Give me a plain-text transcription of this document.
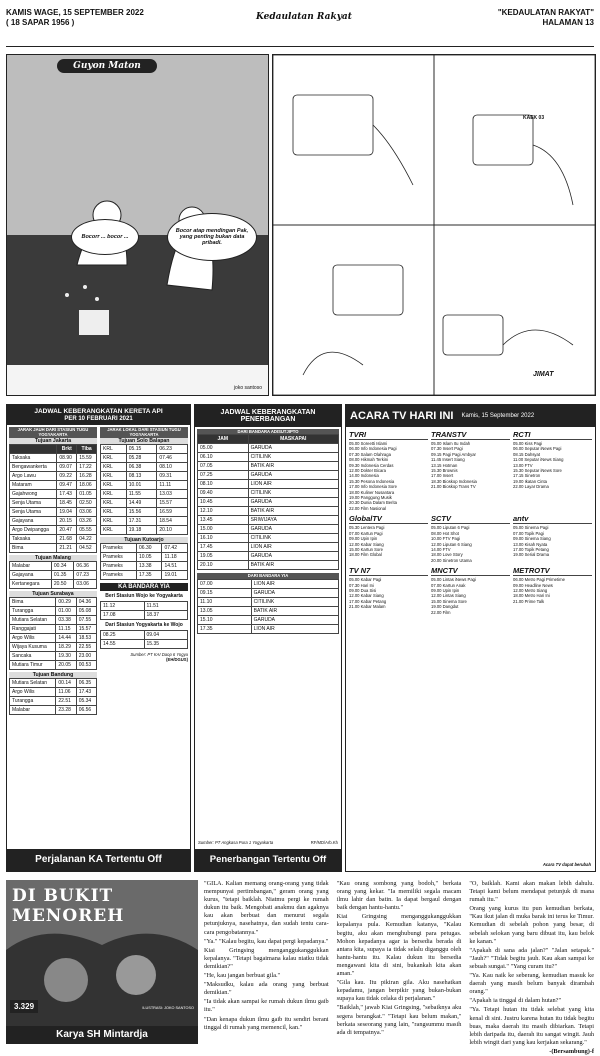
KAMIS WAGE, 15 SEPTEMBER 2022
( 18 SAPAR 1956 )
Kedaulatan Rakyat	"KEDAULATAN RAKYAT"
HALAMAN 13
Guyon Maton
Bocorr ... bocor ...
Bocor atap mendingan Pak, yang penting bukan data pribadi.
joko santoso
KAEK 03
JIMAT
JADWAL KEBERANGKATAN KERETA API
PER 10 FEBRUARI 2021
JARAK JAUH DARI STASIUN TUGU YOGYAKARTA
Tujuan Jakarta
	Brkt	Tiba
Taksaka	08.90	15.59
Bengawankerta	09.07	17.22
Argo Lawu	09.22	16.28
Mataram	09.47	18.06
Gajahwong	17.43	01.05
Senja Utama	18.45	02.50
Senja Utama	19.04	03.06
Gajayana	20.15	03.26
Argo Dwipangga	20.47	05.55
Taksaka	21.68	04.22
Bima	21.21	04.52
Tujuan Malang
Malabar	00.34	06.36
Gajayana	01.35	07.23
Kertanegara	20.50	03.06
Tujuan Surabaya
Bima	00.29	04.36
Turangga	01.00	05.08
Mutiara Selatan	03.38	07.55
Ranggajati	11.15	15.57
Argo Wilis	14.44	18.53
Wijaya Kusuma	18.29	22.55
Sancaka	19.30	23.00
Mutiara Timur	20.05	00.53
Tujuan Bandung
Mutiara Selatan	00.14	06.35
Argo Wilis	11.06	17.43
Turangga	22.51	05.34
Malabar	23.28	06.56
JARAK LOKAL DARI STASIUN TUGU YOGYAKARTA
Tujuan Solo Balapan
KRL	05.15	06.23
KRL	05.28	07.46
KRL	06.38	08.10
KRL	08.13	09.31
KRL	10.01	11.11
KRL	11.55	13.03
KRL	14.49	15.57
KRL	15.56	16.59
KRL	17.31	18.54
KRL	19.18	20.10
Tujuan Kutoarjo
Prameks	06.30	07.42
Prameks	10.05	11.18
Prameks	13.38	14.51
Prameks	17.35	19.01
KA BANDARA YIA
Beri Stasiun Wojo ke Yogyakarta
11.12	11.51
17.08	18.37
Dari Stasiun Yogyakarta ke Wojo
08.25	09.04
14.55	15.35
Sumber: PT KAI Daop 6 Yogya
(EH/DGUS)
Perjalanan KA Tertentu Off
JADWAL KEBERANGKATAN PENERBANGAN
DARI BANDARA ADISUTJIPTO
JAM	MASKAPAI
05.00	GARUDA
06.10	CITILINK
07.05	BATIK AIR
07.25	GARUDA
08.10	LION AIR
09.40	CITILINK
10.45	GARUDA
12.10	BATIK AIR
13.45	SRIWIJAYA
15.00	GARUDA
16.10	CITILINK
17.45	LION AIR
19.05	GARUDA
20.10	BATIK AIR
DARI BANDARA YIA
07.00	LION AIR
09.15	GARUDA
11.10	CITILINK
13.05	BATIK AIR
15.10	GARUDA
17.35	LION AIR
Sumber: PT Angkasa Pura 1 Yogyakarta	RF/MD/Arb.Kh
Penerbangan Tertentu Off
ACARA TV HARI INI Kamis, 15 September 2022
TVRI
05.00 Soreetti Islami
06.00 Info Indonesia Pagi
07.30 Salam Olahraga
08.00 Hikmah Terkini
09.30 Indonesia Cerdas
12.00 Dokter Bicara
14.00 Indonesia
15.30 Pesona Indonesia
17.00 Info Indonesia Sore
18.00 Kuliner Nusantara
19.00 Panggung Musik
20.30 Dunia Dalam Berita
22.00 Film Nasional
TRANSTV
05.00 Islam Itu Indah
07.30 Insert Pagi
09.15 Pagi Pagi Ambyar
11.45 Insert Siang
13.15 Hotman
15.30 Brownis
17.00 Insert
18.30 Bioskop Indonesia
21.00 Bioskop Trans TV
RCTI
05.00 Kiss Pagi
06.00 Seputar iNews Pagi
08.15 Dahsyat
11.00 Seputar iNews Siang
13.00 FTV
15.30 Seputar iNews Sore
17.15 Sinetron
19.00 Ikatan Cinta
22.00 Layar Drama
GlobalTV
05.30 Lentera Pagi
07.00 Kartun Pagi
09.00 Upin Ipin
12.00 Kabar Siang
15.00 Kartun Sore
18.00 Film Global
SCTV
05.00 Liputan 6 Pagi
08.00 Hot Shot
10.00 FTV Pagi
12.00 Liputan 6 Siang
14.00 FTV
18.00 Love Story
20.00 Sinetron Utama
antv
05.00 Sinema Pagi
07.00 Topik Pagi
09.00 Sinema Siang
13.00 Kisah Nyata
17.00 Topik Petang
19.00 Serial Drama
TV N7
05.00 Kabar Pagi
07.30 Hari Ini
09.00 Dua Sisi
12.00 Kabar Siang
17.00 Kabar Petang
21.00 Kabar Malam
MNCTV
05.00 Lintas iNews Pagi
07.00 Kartun Anak
09.00 Upin Ipin
12.00 Lintas Siang
15.00 Sinema Sore
19.00 Dangdut
22.00 Film
METROTV
06.00 Metro Pagi Primetime
09.00 Headline News
12.00 Metro Siang
18.00 Metro Hari Ini
21.00 Prime Talk
Acara TV dapat berubah
DI BUKIT MENOREH
3.329	ILUSTRASI: JOKO SANTOSO
Karya SH Mintardja

"GILA. Kalian memang orang-orang yang tidak mempunyai pertimbangan," geram orang yang kurus, "tetapi baiklah. Niatmu pergi ke rumah dukun itu baik. Mengobati anakmu dan agaknya kau akan berbuat dan menurut segala petunjuknya, nasehatnya, dan sudah tentu cara-cara pengobatannya."

"Ya." "Kalau begitu, kau dapat pergi kepadanya."

Kiai Gringsing menganggukanggukkan kepalanya. "Tetapi bagaimana kalau niatku tidak demikian?"

"He, kau jangan berbuat gila."

"Maksudku, kalau ada orang yang berbuat demikian."

"Ia tidak akan sampai ke rumah dukun ilmu gaib itu."

"Dan kenapa dukun ilmu gaib itu sendiri berani tinggal di rumah yang memencil, kan."

"Kau orang sombong yang bodoh," berkata orang yang kekar. "Ia memiliki segala macam ilmu lahir dan batin. Ia dapat bergaul dengan baik dengan hantu-hantu."

Kiai Gringsing menganggukanggukkan kepalanya pula. Kemudian katanya, "Kalau begitu, aku akan menghubungi para petugas. Mohon kepadanya agar ia bersedia berada di antara kita, supaya ia tidak selalu diganggu oleh hantu-hantu itu. Kalau dukun itu bersedia mengawani kita di sini, bukankah kita akan aman."

"Gila kau. Itu pikiran gila. Aku nasehatkan kepadamu, jangan berpikir yang bukan-bukan supaya kau tidak celaka di perjalanan."

"Baiklah," jawab Kiai Gringsing, "sebaiknya aku segera berangkat." "Tetapi kau belum makan," berkata seseorang yang lain, "rangsummu masih ada di tempatnya."

"O, baiklah. Kami akan makan lebih dahulu. Tetapi kami belum mendapat petunjuk di mana rumah itu."

Orang yang kurus itu pun kemudian berkata, "Kau ikut jalan di muka barak ini terus ke Timur. Kemudian di sebelah pohon yang besar, di sebelah selokan yang baru dibuat itu, kau belok ke kanan."

"Apakah di sana ada jalan?" "Jalan setapak." "Jauh?" "Tidak begitu jauh. Kau akan sampai ke sebuah sungai." "Yang curam itu?"

"Ya. Kau naik ke seberang, kemudian masuk ke daerah yang masih belum banyak dirambah orang."

"Apakah ia tinggal di dalam hutan?"

"Ya. Tetapi hutan itu tidak selebat yang kita kenal di sini. Justru karena hutan itu tidak begitu buas, maka daerah itu masih dibiarkan. Tetapi lebih daripada itu, daerah itu sangat wingit. Jauh lebih wingit dari yang kau kerjakan sekarang."

-(Bersambung)-f
